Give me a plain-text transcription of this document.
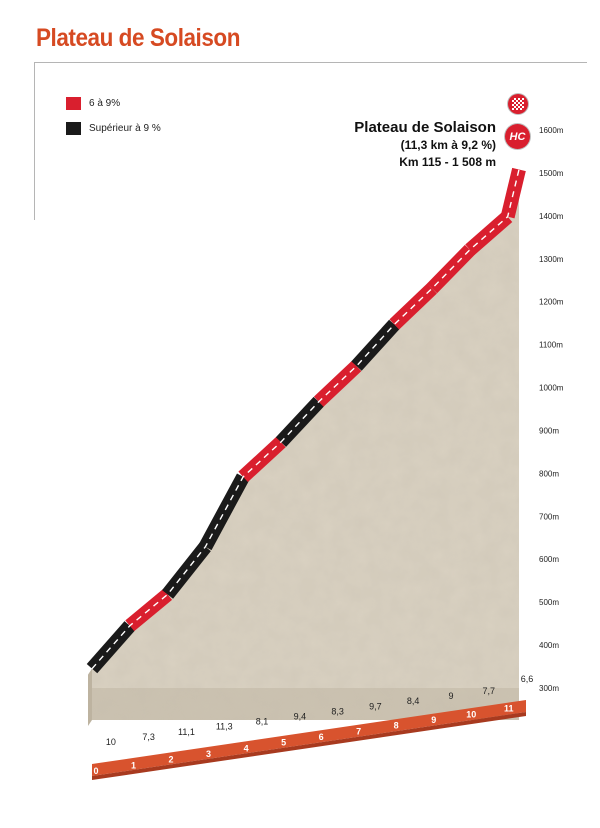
Plateau de Solaison
6 à 9%
Supérieur à 9 %	Plateau de Solaison
(11,3 km à 9,2 %)
Km 115 - 1 508 m
HC
300m
400m
500m
600m
700m
800m
900m
1000m
1100m
1200m
1300m
1400m
1500m
1600m
10
7,3
11,1
11,3
8,1
9,4
8,3
9,7
8,4
9
7,7
6,6
0
1
2
3
4
5
6
7
8
9
10
11
